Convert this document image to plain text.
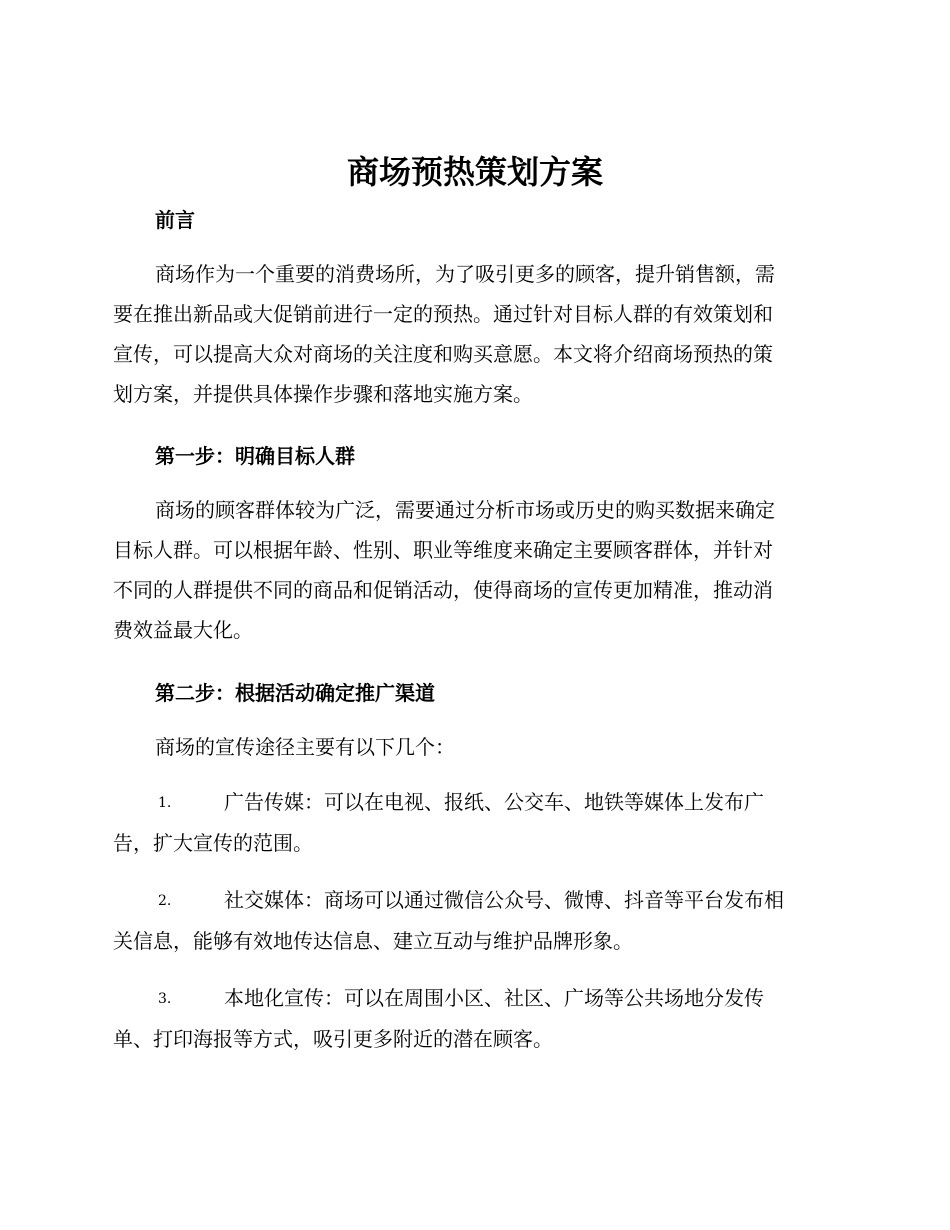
商场预热策划方案
前言
商场作为一个重要的消费场所，为了吸引更多的顾客，提升销售额，需
要在推出新品或大促销前进行一定的预热。通过针对目标人群的有效策划和
宣传，可以提高大众对商场的关注度和购买意愿。本文将介绍商场预热的策
划方案，并提供具体操作步骤和落地实施方案。
第一步：明确目标人群
商场的顾客群体较为广泛，需要通过分析市场或历史的购买数据来确定
目标人群。可以根据年龄、性别、职业等维度来确定主要顾客群体，并针对
不同的人群提供不同的商品和促销活动，使得商场的宣传更加精准，推动消
费效益最大化。
第二步：根据活动确定推广渠道
商场的宣传途径主要有以下几个：
1.	广告传媒：可以在电视、报纸、公交车、地铁等媒体上发布广
告，扩大宣传的范围。
2.	社交媒体：商场可以通过微信公众号、微博、抖音等平台发布相
关信息，能够有效地传达信息、建立互动与维护品牌形象。
3.	本地化宣传：可以在周围小区、社区、广场等公共场地分发传
单、打印海报等方式，吸引更多附近的潜在顾客。
